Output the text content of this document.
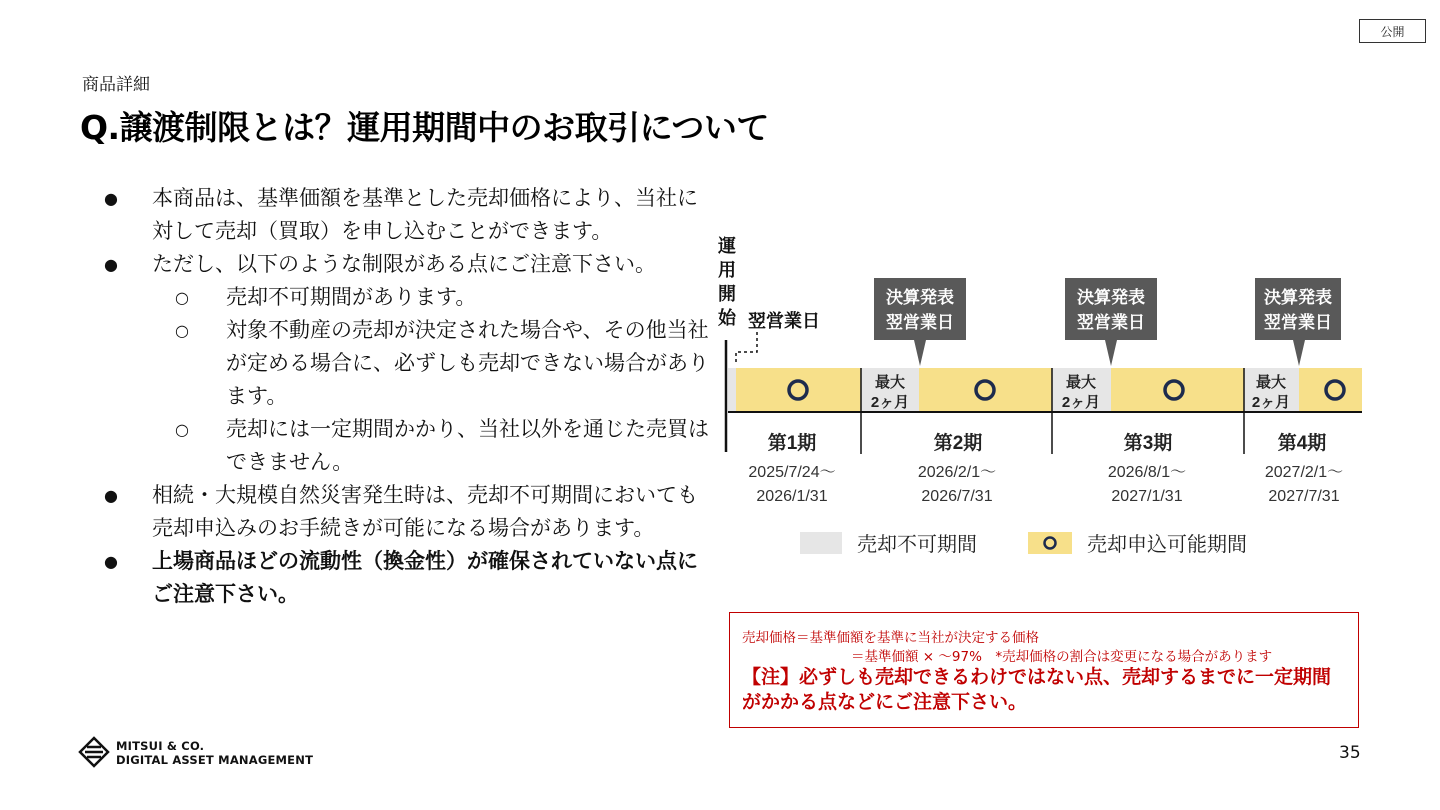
公開
商品詳細
Q.譲渡制限とは？運用期間中のお取引について
● 本商品は、基準価額を基準とした売却価格により、当社に対して売却（買取）を申し込むことができます。
● ただし、以下のような制限がある点にご注意下さい。
○ 売却不可期間があります。
○ 対象不動産の売却が決定された場合や、その他当社が定める場合に、必ずしも売却できない場合があります。
○ 売却には一定期間かかり、当社以外を通じた売買はできません。
● 相続・大規模自然災害発生時は、売却不可期間においても売却申込みのお手続きが可能になる場合があります。
● 上場商品ほどの流動性（換金性）が確保されていない点にご注意下さい。
運
用
開
始 翌営業日
最大
2ヶ月
最大
2ヶ月
最大
2ヶ月
決算発表
翌営業日
決算発表
翌営業日
決算発表
翌営業日
第1期	第2期	第3期	第4期
2025/7/24～
2026/1/31
2026/2/1～
2026/7/31
2026/8/1～
2027/1/31
2027/2/1～
2027/7/31
売却不可期間	売却申込可能期間
売却価格＝基準価額を基準に当社が決定する価格
＝基準価額 × ～97%　*売却価格の割合は変更になる場合があります
【注】必ずしも売却できるわけではない点、売却するまでに一定期間がかかる点などにご注意下さい。
MITSUI & CO.
DIGITAL ASSET MANAGEMENT	35
